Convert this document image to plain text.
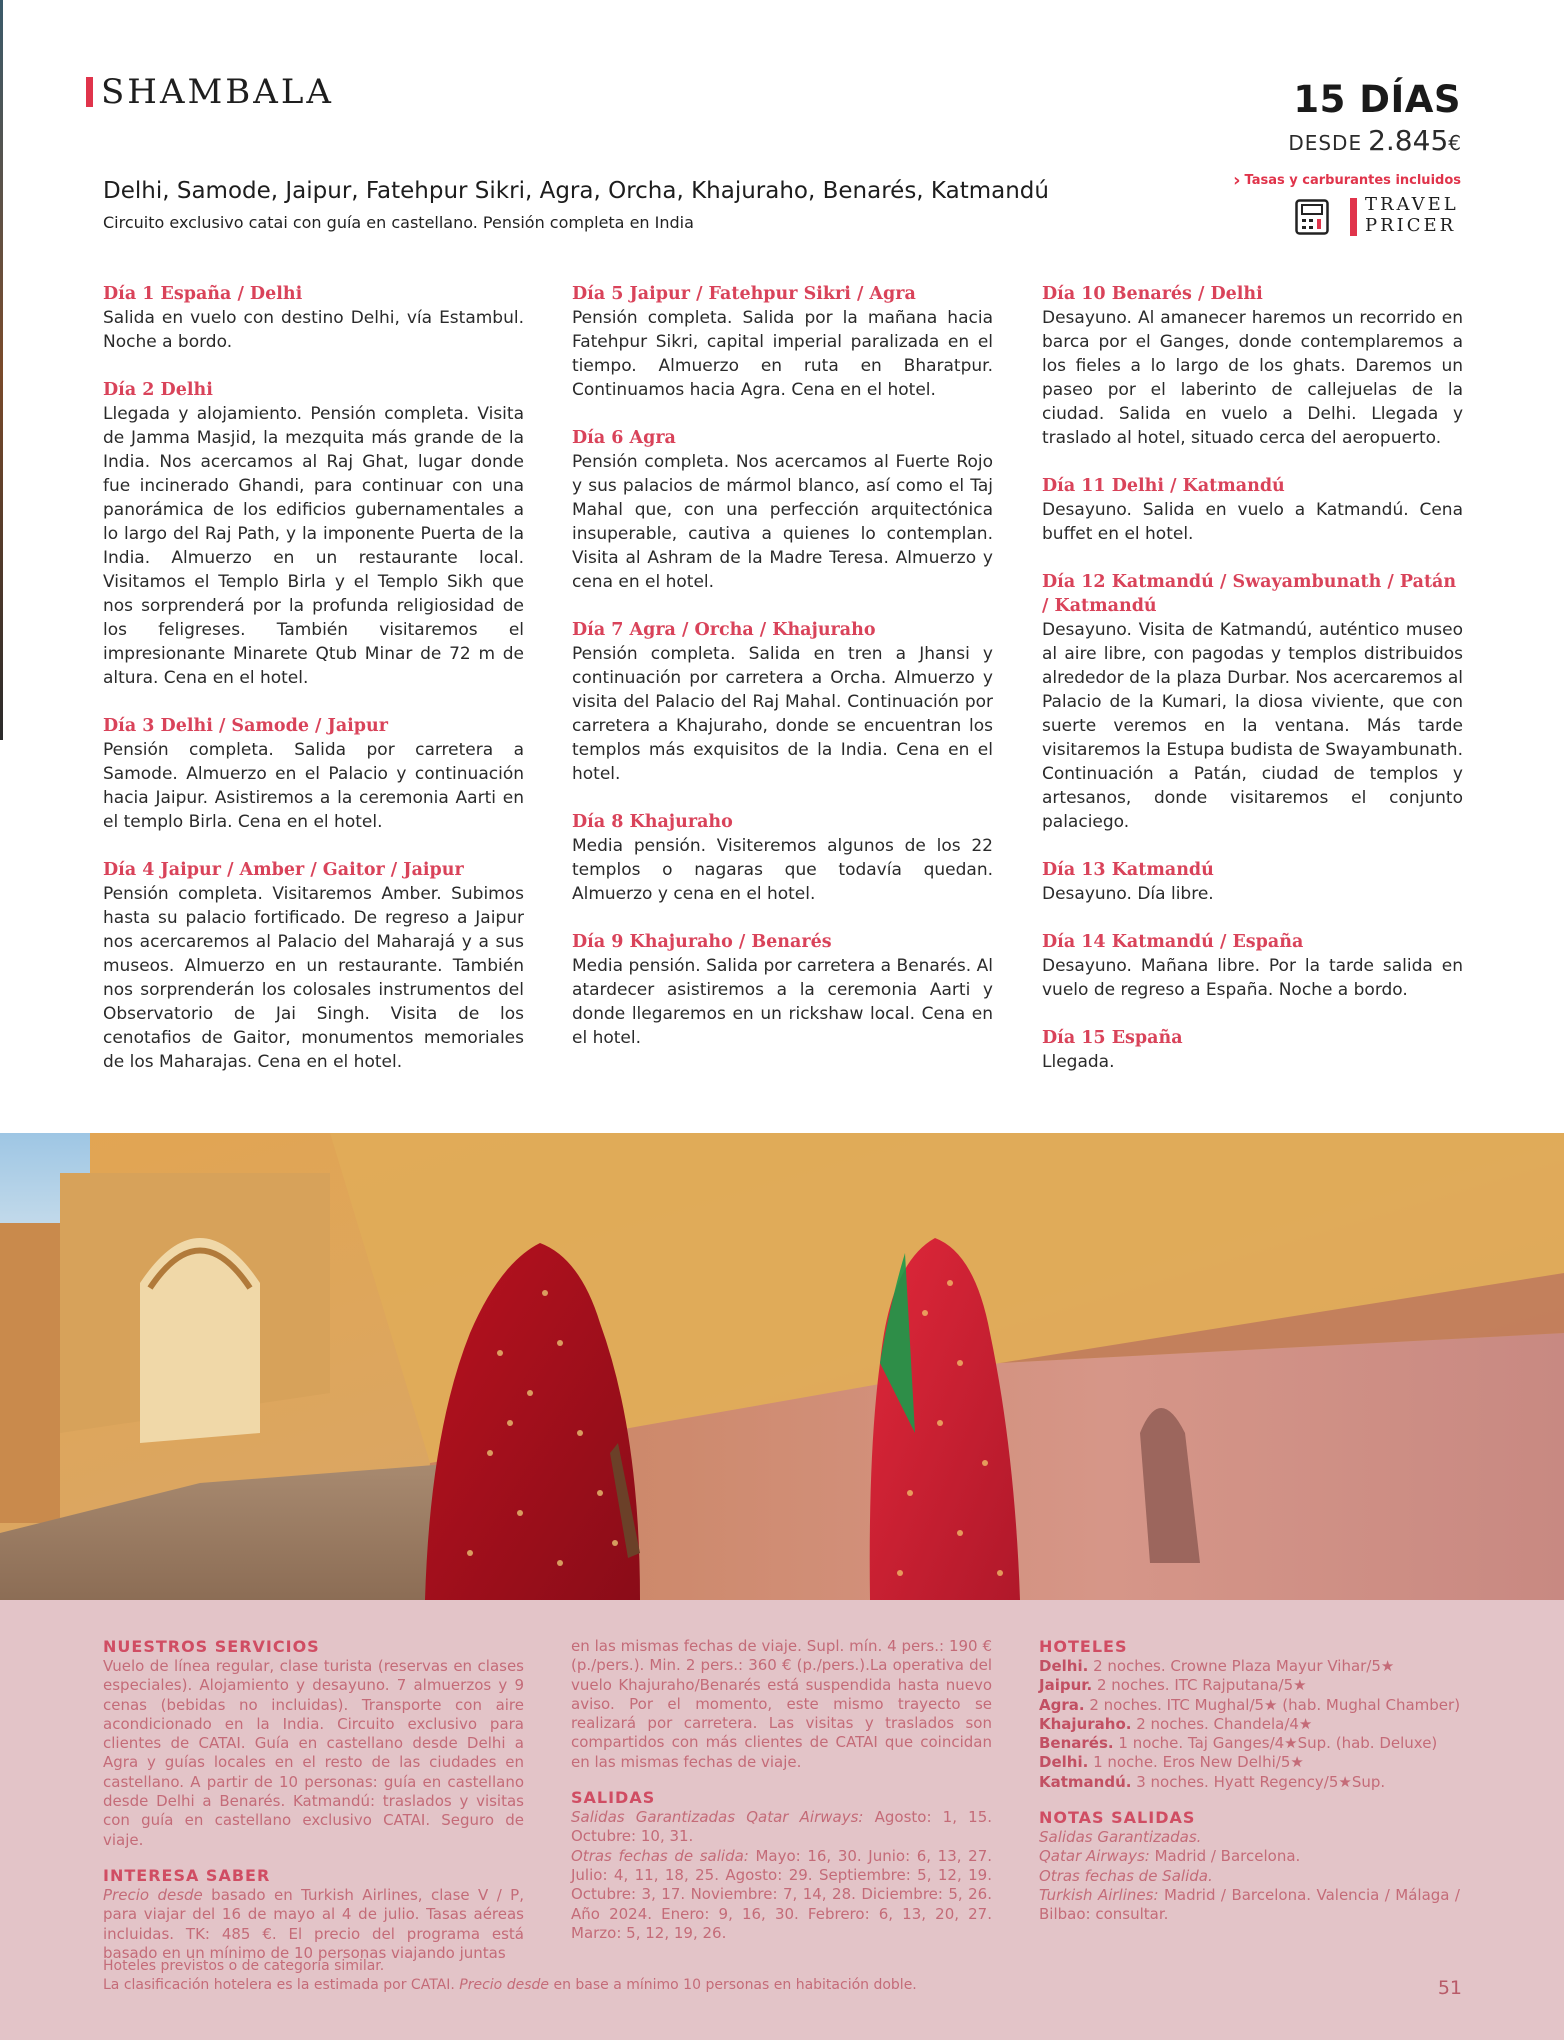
SHAMBALA	15 DÍAS
DESDE 2.845€
› Tasas y carburantes incluidos
TRAVEL
PRICER
Delhi, Samode, Jaipur, Fatehpur Sikri, Agra, Orcha, Khajuraho, Benarés, Katmandú
Circuito exclusivo catai con guía en castellano. Pensión completa en India
Día 1 España / Delhi

Salida en vuelo con destino Delhi, vía Estambul. Noche a bordo.

Día 2 Delhi

Llegada y alojamiento. Pensión completa. Visita de Jamma Masjid, la mezquita más grande de la India. Nos acercamos al Raj Ghat, lugar donde fue incinerado Ghandi, para continuar con una panorámica de los edificios gubernamentales a lo largo del Raj Path, y la imponente Puerta de la India. Almuerzo en un restaurante local. Visitamos el Templo Birla y el Templo Sikh que nos sorprenderá por la profunda religiosidad de los feligreses. También visitaremos el impresionante Minarete Qtub Minar de 72 m de altura. Cena en el hotel.

Día 3 Delhi / Samode / Jaipur

Pensión completa. Salida por carretera a Samode. Almuerzo en el Palacio y continuación hacia Jaipur. Asistiremos a la ceremonia Aarti en el templo Birla. Cena en el hotel.

Día 4 Jaipur / Amber / Gaitor / Jaipur

Pensión completa. Visitaremos Amber. Subimos hasta su palacio fortificado. De regreso a Jaipur nos acercaremos al Palacio del Maharajá y a sus museos. Almuerzo en un restaurante. También nos sorprenderán los colosales instrumentos del Observatorio de Jai Singh. Visita de los cenotafios de Gaitor, monumentos memoriales de los Maharajas. Cena en el hotel.

Día 5 Jaipur / Fatehpur Sikri / Agra

Pensión completa. Salida por la mañana hacia Fatehpur Sikri, capital imperial paralizada en el tiempo. Almuerzo en ruta en Bharatpur. Continuamos hacia Agra. Cena en el hotel.

Día 6 Agra

Pensión completa. Nos acercamos al Fuerte Rojo y sus palacios de mármol blanco, así como el Taj Mahal que, con una perfección arquitectónica insuperable, cautiva a quienes lo contemplan. Visita al Ashram de la Madre Teresa. Almuerzo y cena en el hotel.

Día 7 Agra / Orcha / Khajuraho

Pensión completa. Salida en tren a Jhansi y continuación por carretera a Orcha. Almuerzo y visita del Palacio del Raj Mahal. Continuación por carretera a Khajuraho, donde se encuentran los templos más exquisitos de la India. Cena en el hotel.

Día 8 Khajuraho

Media pensión. Visiteremos algunos de los 22 templos o nagaras que todavía quedan. Almuerzo y cena en el hotel.

Día 9 Khajuraho / Benarés

Media pensión. Salida por carretera a Benarés. Al atardecer asistiremos a la ceremonia Aarti y donde llegaremos en un rickshaw local. Cena en el hotel.

Día 10 Benarés / Delhi

Desayuno. Al amanecer haremos un recorrido en barca por el Ganges, donde contemplaremos a los fieles a lo largo de los ghats. Daremos un paseo por el laberinto de callejuelas de la ciudad. Salida en vuelo a Delhi. Llegada y traslado al hotel, situado cerca del aeropuerto.

Día 11 Delhi / Katmandú

Desayuno. Salida en vuelo a Katmandú. Cena buffet en el hotel.

Día 12 Katmandú / Swayambunath / Patán / Katmandú

Desayuno. Visita de Katmandú, auténtico museo al aire libre, con pagodas y templos distribuidos alrededor de la plaza Durbar. Nos acercaremos al Palacio de la Kumari, la diosa viviente, que con suerte veremos en la ventana. Más tarde visitaremos la Estupa budista de Swayambunath. Continuación a Patán, ciudad de templos y artesanos, donde visitaremos el conjunto palaciego.

Día 13 Katmandú

Desayuno. Día libre.

Día 14 Katmandú / España

Desayuno. Mañana libre. Por la tarde salida en vuelo de regreso a España. Noche a bordo.

Día 15 España

Llegada.

NUESTROS SERVICIOS

Vuelo de línea regular, clase turista (reservas en clases especiales). Alojamiento y desayuno. 7 almuerzos y 9 cenas (bebidas no incluidas). Transporte con aire acondicionado en la India. Circuito exclusivo para clientes de CATAI. Guía en castellano desde Delhi a Agra y guías locales en el resto de las ciudades en castellano. A partir de 10 personas: guía en castellano desde Delhi a Benarés. Katmandú: traslados y visitas con guía en castellano exclusivo CATAI. Seguro de viaje.

INTERESA SABER

Precio desde basado en Turkish Airlines, clase V / P, para viajar del 16 de mayo al 4 de julio. Tasas aéreas incluidas. TK: 485 €. El precio del programa está basado en un mínimo de 10 personas viajando juntas

en las mismas fechas de viaje. Supl. mín. 4 pers.: 190 € (p./pers.). Min. 2 pers.: 360 € (p./pers.).La operativa del vuelo Khajuraho/Benarés está suspendida hasta nuevo aviso. Por el momento, este mismo trayecto se realizará por carretera. Las visitas y traslados son compartidos con más clientes de CATAI que coincidan en las mismas fechas de viaje.

SALIDAS

Salidas Garantizadas Qatar Airways: Agosto: 1, 15. Octubre: 10, 31.

Otras fechas de salida: Mayo: 16, 30. Junio: 6, 13, 27. Julio: 4, 11, 18, 25. Agosto: 29. Septiembre: 5, 12, 19. Octubre: 3, 17. Noviembre: 7, 14, 28. Diciembre: 5, 26. Año 2024. Enero: 9, 16, 30. Febrero: 6, 13, 20, 27. Marzo: 5, 12, 19, 26.

HOTELES
Delhi. 2 noches. Crowne Plaza Mayur Vihar/5★
Jaipur. 2 noches. ITC Rajputana/5★
Agra. 2 noches. ITC Mughal/5★ (hab. Mughal Chamber)
Khajuraho. 2 noches. Chandela/4★
Benarés. 1 noche. Taj Ganges/4★Sup. (hab. Deluxe)
Delhi. 1 noche. Eros New Delhi/5★
Katmandú. 3 noches. Hyatt Regency/5★Sup.
NOTAS SALIDAS

Salidas Garantizadas.

Qatar Airways: Madrid / Barcelona.

Otras fechas de Salida.

Turkish Airlines: Madrid / Barcelona. Valencia / Málaga / Bilbao: consultar.

Hoteles previstos o de categoría similar.
La clasificación hotelera es la estimada por CATAI. Precio desde en base a mínimo 10 personas en habitación doble.	51
